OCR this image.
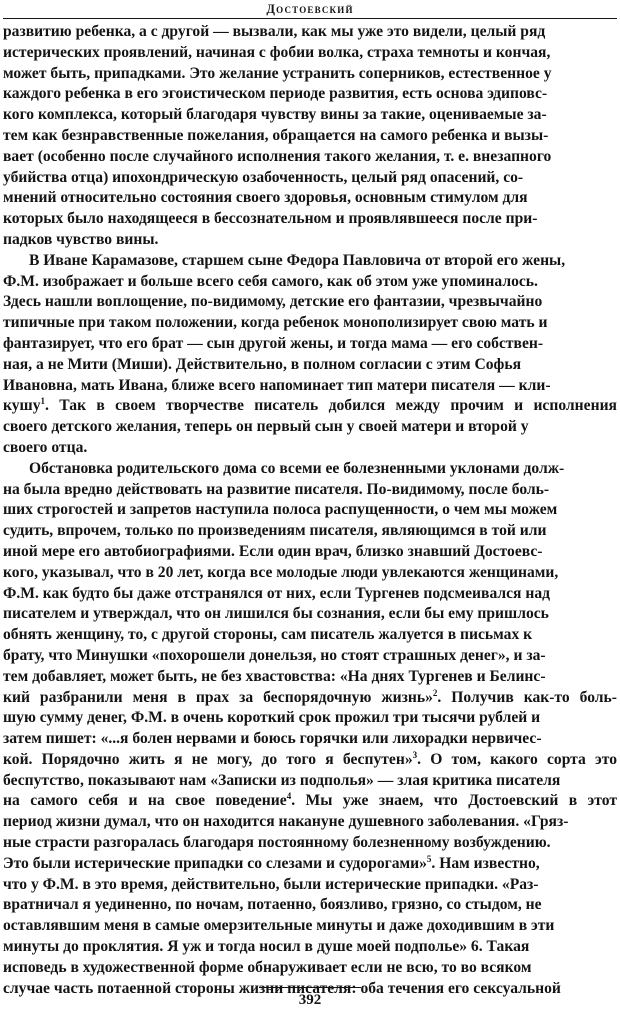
Достоевский
развитию ребенка, а с другой — вызвали, как мы уже это видели, целый ряд
истерических проявлений, начиная с фобии волка, страха темноты и кончая,
может быть, припадками. Это желание устранить соперников, естественное у
каждого ребенка в его эгоистическом периоде развития, есть основа эдиповс-
кого комплекса, который благодаря чувству вины за такие, оцениваемые за-
тем как безнравственные пожелания, обращается на самого ребенка и вызы-
вает (особенно после случайного исполнения такого желания, т. е. внезапного
убийства отца) ипохондрическую озабоченность, целый ряд опасений, со-
мнений относительно состояния своего здоровья, основным стимулом для
которых было находящееся в бессознательном и проявлявшееся после при-
падков чувство вины.
В Иване Карамазове, старшем сыне Федора Павловича от второй его жены,
Ф.М. изображает и больше всего себя самого, как об этом уже упоминалось.
Здесь нашли воплощение, по-видимому, детские его фантазии, чрезвычайно
типичные при таком положении, когда ребенок монополизирует свою мать и
фантазирует, что его брат — сын другой жены, и тогда мама — его собствен-
ная, а не Мити (Миши). Действительно, в полном согласии с этим Софья
Ивановна, мать Ивана, ближе всего напоминает тип матери писателя — кли-
кушу$^1$. Так в своем творчестве писатель добился между прочим и исполнения
своего детского желания, теперь он первый сын у своей матери и второй у
своего отца.
Обстановка родительского дома со всеми ее болезненными уклонами долж-
на была вредно действовать на развитие писателя. По-видимому, после боль-
ших строгостей и запретов наступила полоса распущенности, о чем мы можем
судить, впрочем, только по произведениям писателя, являющимся в той или
иной мере его автобиографиями. Если один врач, близко знавший Достоевс-
кого, указывал, что в 20 лет, когда все молодые люди увлекаются женщинами,
Ф.М. как будто бы даже отстранялся от них, если Тургенев подсмеивался над
писателем и утверждал, что он лишился бы сознания, если бы ему пришлось
обнять женщину, то, с другой стороны, сам писатель жалуется в письмах к
брату, что Минушки «похорошели донельзя, но стоят страшных денег», и за-
тем добавляет, может быть, не без хвастовства: «На днях Тургенев и Белинс-
кий разбранили меня в прах за беспорядочную жизнь»$^2$. Получив как-то боль-
шую сумму денег, Ф.М. в очень короткий срок прожил три тысячи рублей и
затем пишет: «...я болен нервами и боюсь горячки или лихорадки нервичес-
кой. Порядочно жить я не могу, до того я беспутен»$^3$. О том, какого сорта это
беспутство, показывают нам «Записки из подполья» — злая критика писателя
на самого себя и на свое поведение$^4$. Мы уже знаем, что Достоевский в этот
период жизни думал, что он находится накануне душевного заболевания. «Гряз-
ные страсти разгоралась благодаря постоянному болезненному возбуждению.
Это были истерические припадки со слезами и судорогами»$^5$. Нам известно,
что у Ф.М. в это время, действительно, были истерические припадки. «Раз-
вратничал я уединенно, по ночам, потаенно, боязливо, грязно, со стыдом, не
оставлявшим меня в самые омерзительные минуты и даже доходившим в эти
минуты до проклятия. Я уж и тогда носил в душе моей подполье» 6. Такая
исповедь в художественной форме обнаруживает если не всю, то во всяком
случае часть потаенной стороны жизни писателя: оба течения его сексуальной
392
